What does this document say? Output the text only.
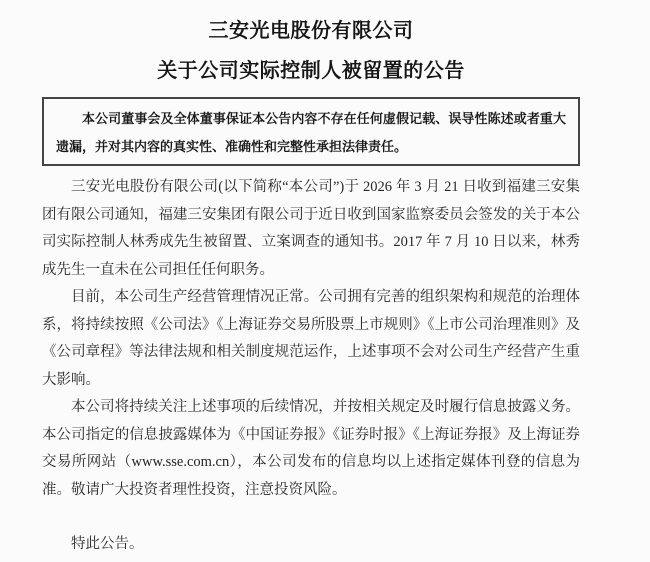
三安光电股份有限公司
关于公司实际控制人被留置的公告

本公司董事会及全体董事保证本公告内容不存在任何虚假记载、误导性陈述或者重大遗漏，并对其内容的真实性、准确性和完整性承担法律责任。

三安光电股份有限公司(以下简称“本公司”)于 2026 年 3 月 21 日收到福建三安集团有限公司通知，福建三安集团有限公司于近日收到国家监察委员会签发的关于本公司实际控制人林秀成先生被留置、立案调查的通知书。2017 年 7 月 10 日以来，林秀成先生一直未在公司担任任何职务。

目前，本公司生产经营管理情况正常。公司拥有完善的组织架构和规范的治理体系，将持续按照《公司法》《上海证券交易所股票上市规则》《上市公司治理准则》及《公司章程》等法律法规和相关制度规范运作，上述事项不会对公司生产经营产生重大影响。

本公司将持续关注上述事项的后续情况，并按相关规定及时履行信息披露义务。本公司指定的信息披露媒体为《中国证券报》《证券时报》《上海证券报》及上海证券交易所网站（www.sse.com.cn），本公司发布的信息均以上述指定媒体刊登的信息为准。敬请广大投资者理性投资，注意投资风险。

特此公告。
